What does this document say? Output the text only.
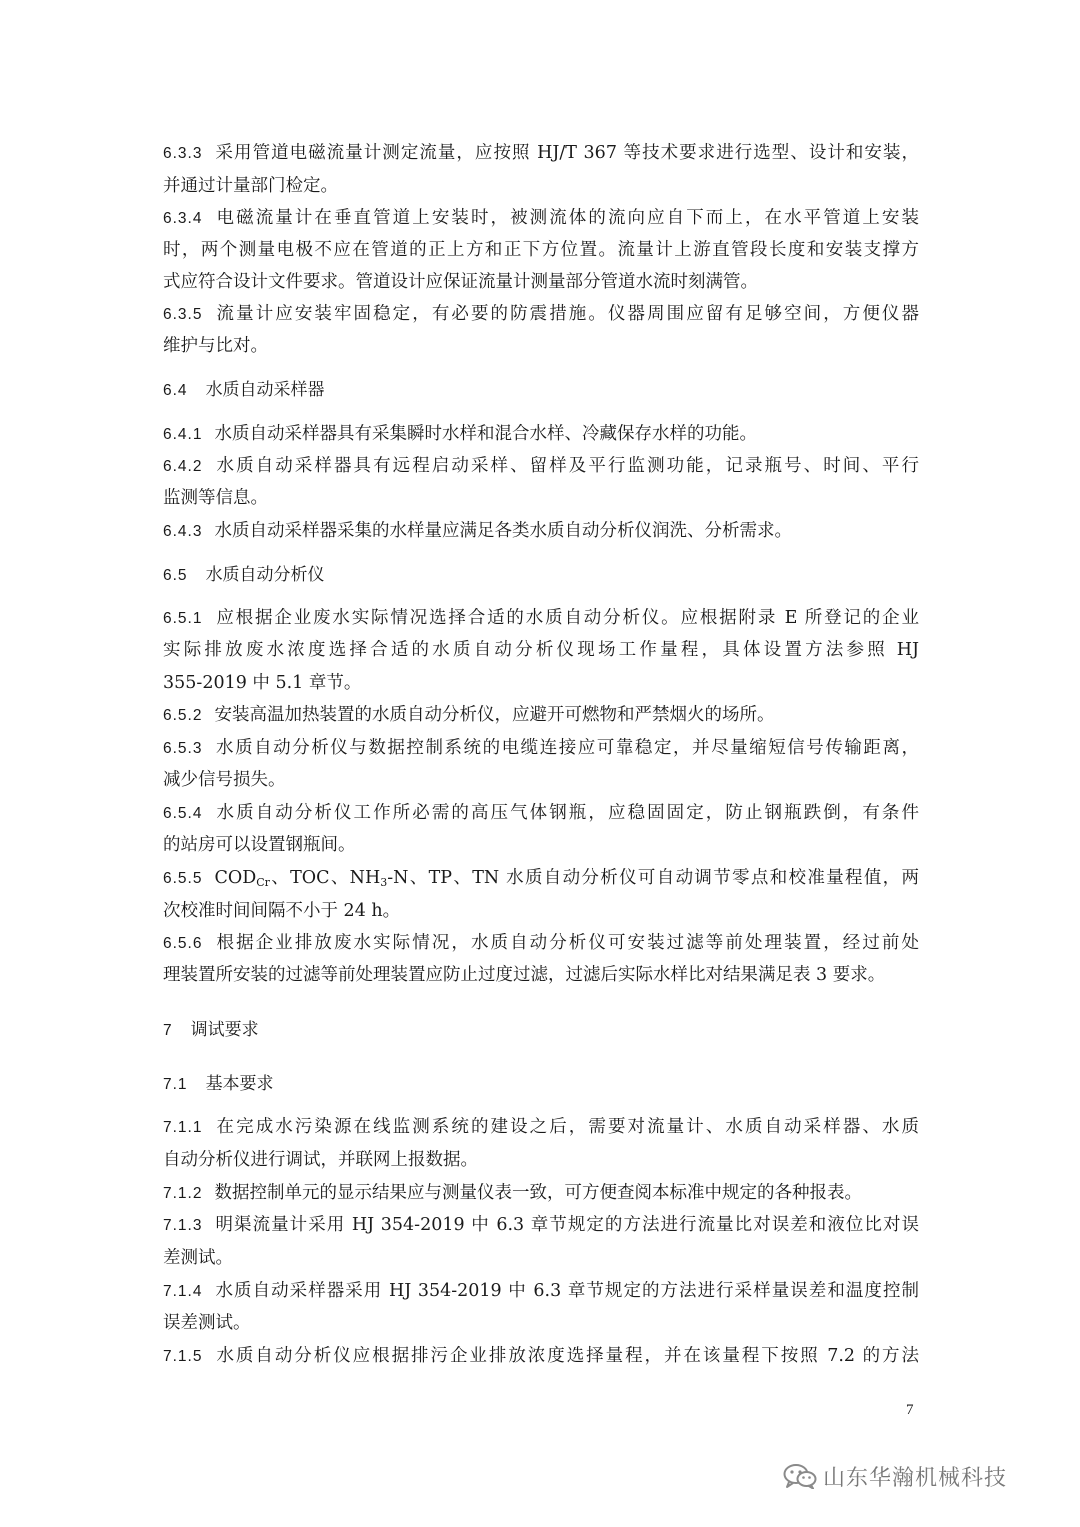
6.3.3 采用管道电磁流量计测定流量，应按照 HJ/T 367 等技术要求进行选型、设计和安装，
并通过计量部门检定。
6.3.4 电磁流量计在垂直管道上安装时，被测流体的流向应自下而上，在水平管道上安装
时，两个测量电极不应在管道的正上方和正下方位置。流量计上游直管段长度和安装支撑方
式应符合设计文件要求。管道设计应保证流量计测量部分管道水流时刻满管。
6.3.5 流量计应安装牢固稳定，有必要的防震措施。仪器周围应留有足够空间，方便仪器
维护与比对。
6.4 水质自动采样器
6.4.1 水质自动采样器具有采集瞬时水样和混合水样、冷藏保存水样的功能。
6.4.2 水质自动采样器具有远程启动采样、留样及平行监测功能，记录瓶号、时间、平行
监测等信息。
6.4.3 水质自动采样器采集的水样量应满足各类水质自动分析仪润洗、分析需求。
6.5 水质自动分析仪
6.5.1 应根据企业废水实际情况选择合适的水质自动分析仪。应根据附录 E 所登记的企业
实际排放废水浓度选择合适的水质自动分析仪现场工作量程，具体设置方法参照 HJ
355-2019 中 5.1 章节。
6.5.2 安装高温加热装置的水质自动分析仪，应避开可燃物和严禁烟火的场所。
6.5.3 水质自动分析仪与数据控制系统的电缆连接应可靠稳定，并尽量缩短信号传输距离，
减少信号损失。
6.5.4 水质自动分析仪工作所必需的高压气体钢瓶，应稳固固定，防止钢瓶跌倒，有条件
的站房可以设置钢瓶间。
6.5.5 $COD_{Cr}$、TOC、$NH_3-N$、TP、TN 水质自动分析仪可自动调节零点和校准量程值，两
次校准时间间隔不小于 24 h。
6.5.6 根据企业排放废水实际情况，水质自动分析仪可安装过滤等前处理装置，经过前处
理装置所安装的过滤等前处理装置应防止过度过滤，过滤后实际水样比对结果满足表 3 要求。
7 调试要求
7.1 基本要求
7.1.1 在完成水污染源在线监测系统的建设之后，需要对流量计、水质自动采样器、水质
自动分析仪进行调试，并联网上报数据。
7.1.2 数据控制单元的显示结果应与测量仪表一致，可方便查阅本标准中规定的各种报表。
7.1.3 明渠流量计采用 HJ 354-2019 中 6.3 章节规定的方法进行流量比对误差和液位比对误
差测试。
7.1.4 水质自动采样器采用 HJ 354-2019 中 6.3 章节规定的方法进行采样量误差和温度控制
误差测试。
7.1.5 水质自动分析仪应根据排污企业排放浓度选择量程，并在该量程下按照 7.2 的方法
7
山东华瀚机械科技
